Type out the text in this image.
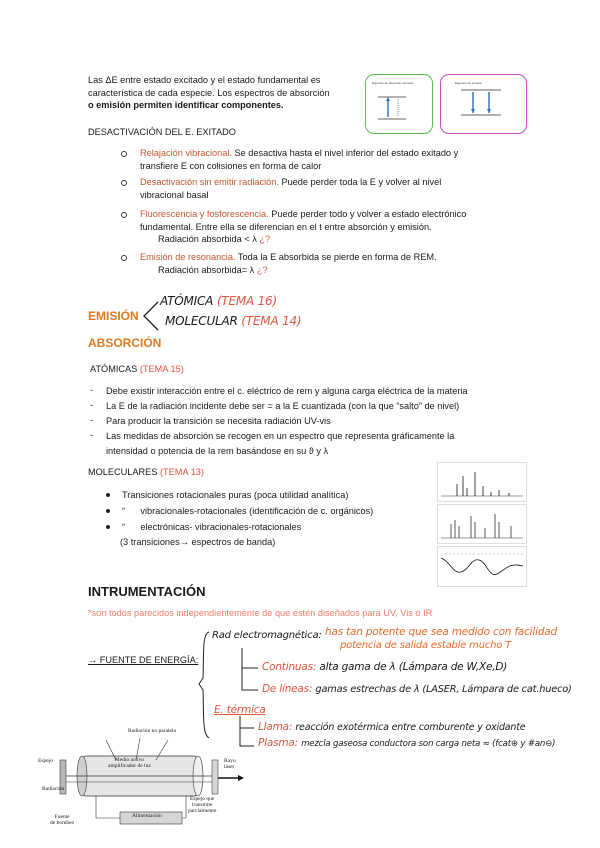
Las ΔE entre estado excitado y el estado fundamental es
característica de cada especie. Los espectros de absorción
o emisión permiten identificar componentes.
Espectro de absorción atómica	Espectro de emisión
DESACTIVACIÓN DEL E. EXITADO
Relajación vibracional. Se desactiva hasta el nivel inferior del estado exitado y
transfiere E con colisiones en forma de calor
Desactivación sin emitir radiación. Puede perder toda la E y volver al nivel
vibracional basal
Fluorescencia y fosforescencia. Puede perder todo y volver a estado electrónico
fundamental. Entre ella se diferencian en el t entre absorción y emisión.
Radiación absorbida < λ ¿?
Emisión de resonancia. Toda la E absorbida se pierde en forma de REM.
Radiación absorbida= λ ¿?
EMISIÓN
ATÓMICA (TEMA 16)
MOLECULAR (TEMA 14)
ABSORCIÓN
ATÓMICAS (TEMA 15)
- Debe existir interacción entre el c. eléctrico de rem y alguna carga eléctrica de la materia
- La E de la radiación incidente debe ser = a la E cuantizada (con la que “salto” de nivel)
- Para producir la transición se necesita radiación UV-vis
- Las medidas de absorción se recogen en un espectro que representa gráficamente la
intensidad o potencia de la rem basándose en su ϑ y λ
MOLECULARES (TEMA 13)
Transiciones rotacionales puras (poca utilidad analítica)
“      vibracionales-rotacionales (identificación de c. orgánicos)
“      electrónicas- vibracionales-rotacionales
(3 transiciones→ espectros de banda)
INTRUMENTACIÓN
*son todos parecidos independientemente de que estén diseñados para UV, Vis o IR
→ FUENTE DE ENERGÍA:
Rad electromagnética: has tan potente que sea medido con facilidad
potencia de salida estable mucho T
Continuas: alta gama de λ (Lámpara de W,Xe,D)
De líneas: gamas estrechas de λ (LASER, Lámpara de cat.hueco)
E. térmica
Llama: reacción exotérmica entre comburente y oxidante
Plasma: mezcla gaseosa conductora son carga neta ≈ (fcat⊕ y #an⊖)
Radiación no paralela
Medio activo
amplificador de luz
Espejo	Rayo
láser
Radiación
Espejo que
transmite
parcialmente
Fuente
de bombeo
Alimentación
